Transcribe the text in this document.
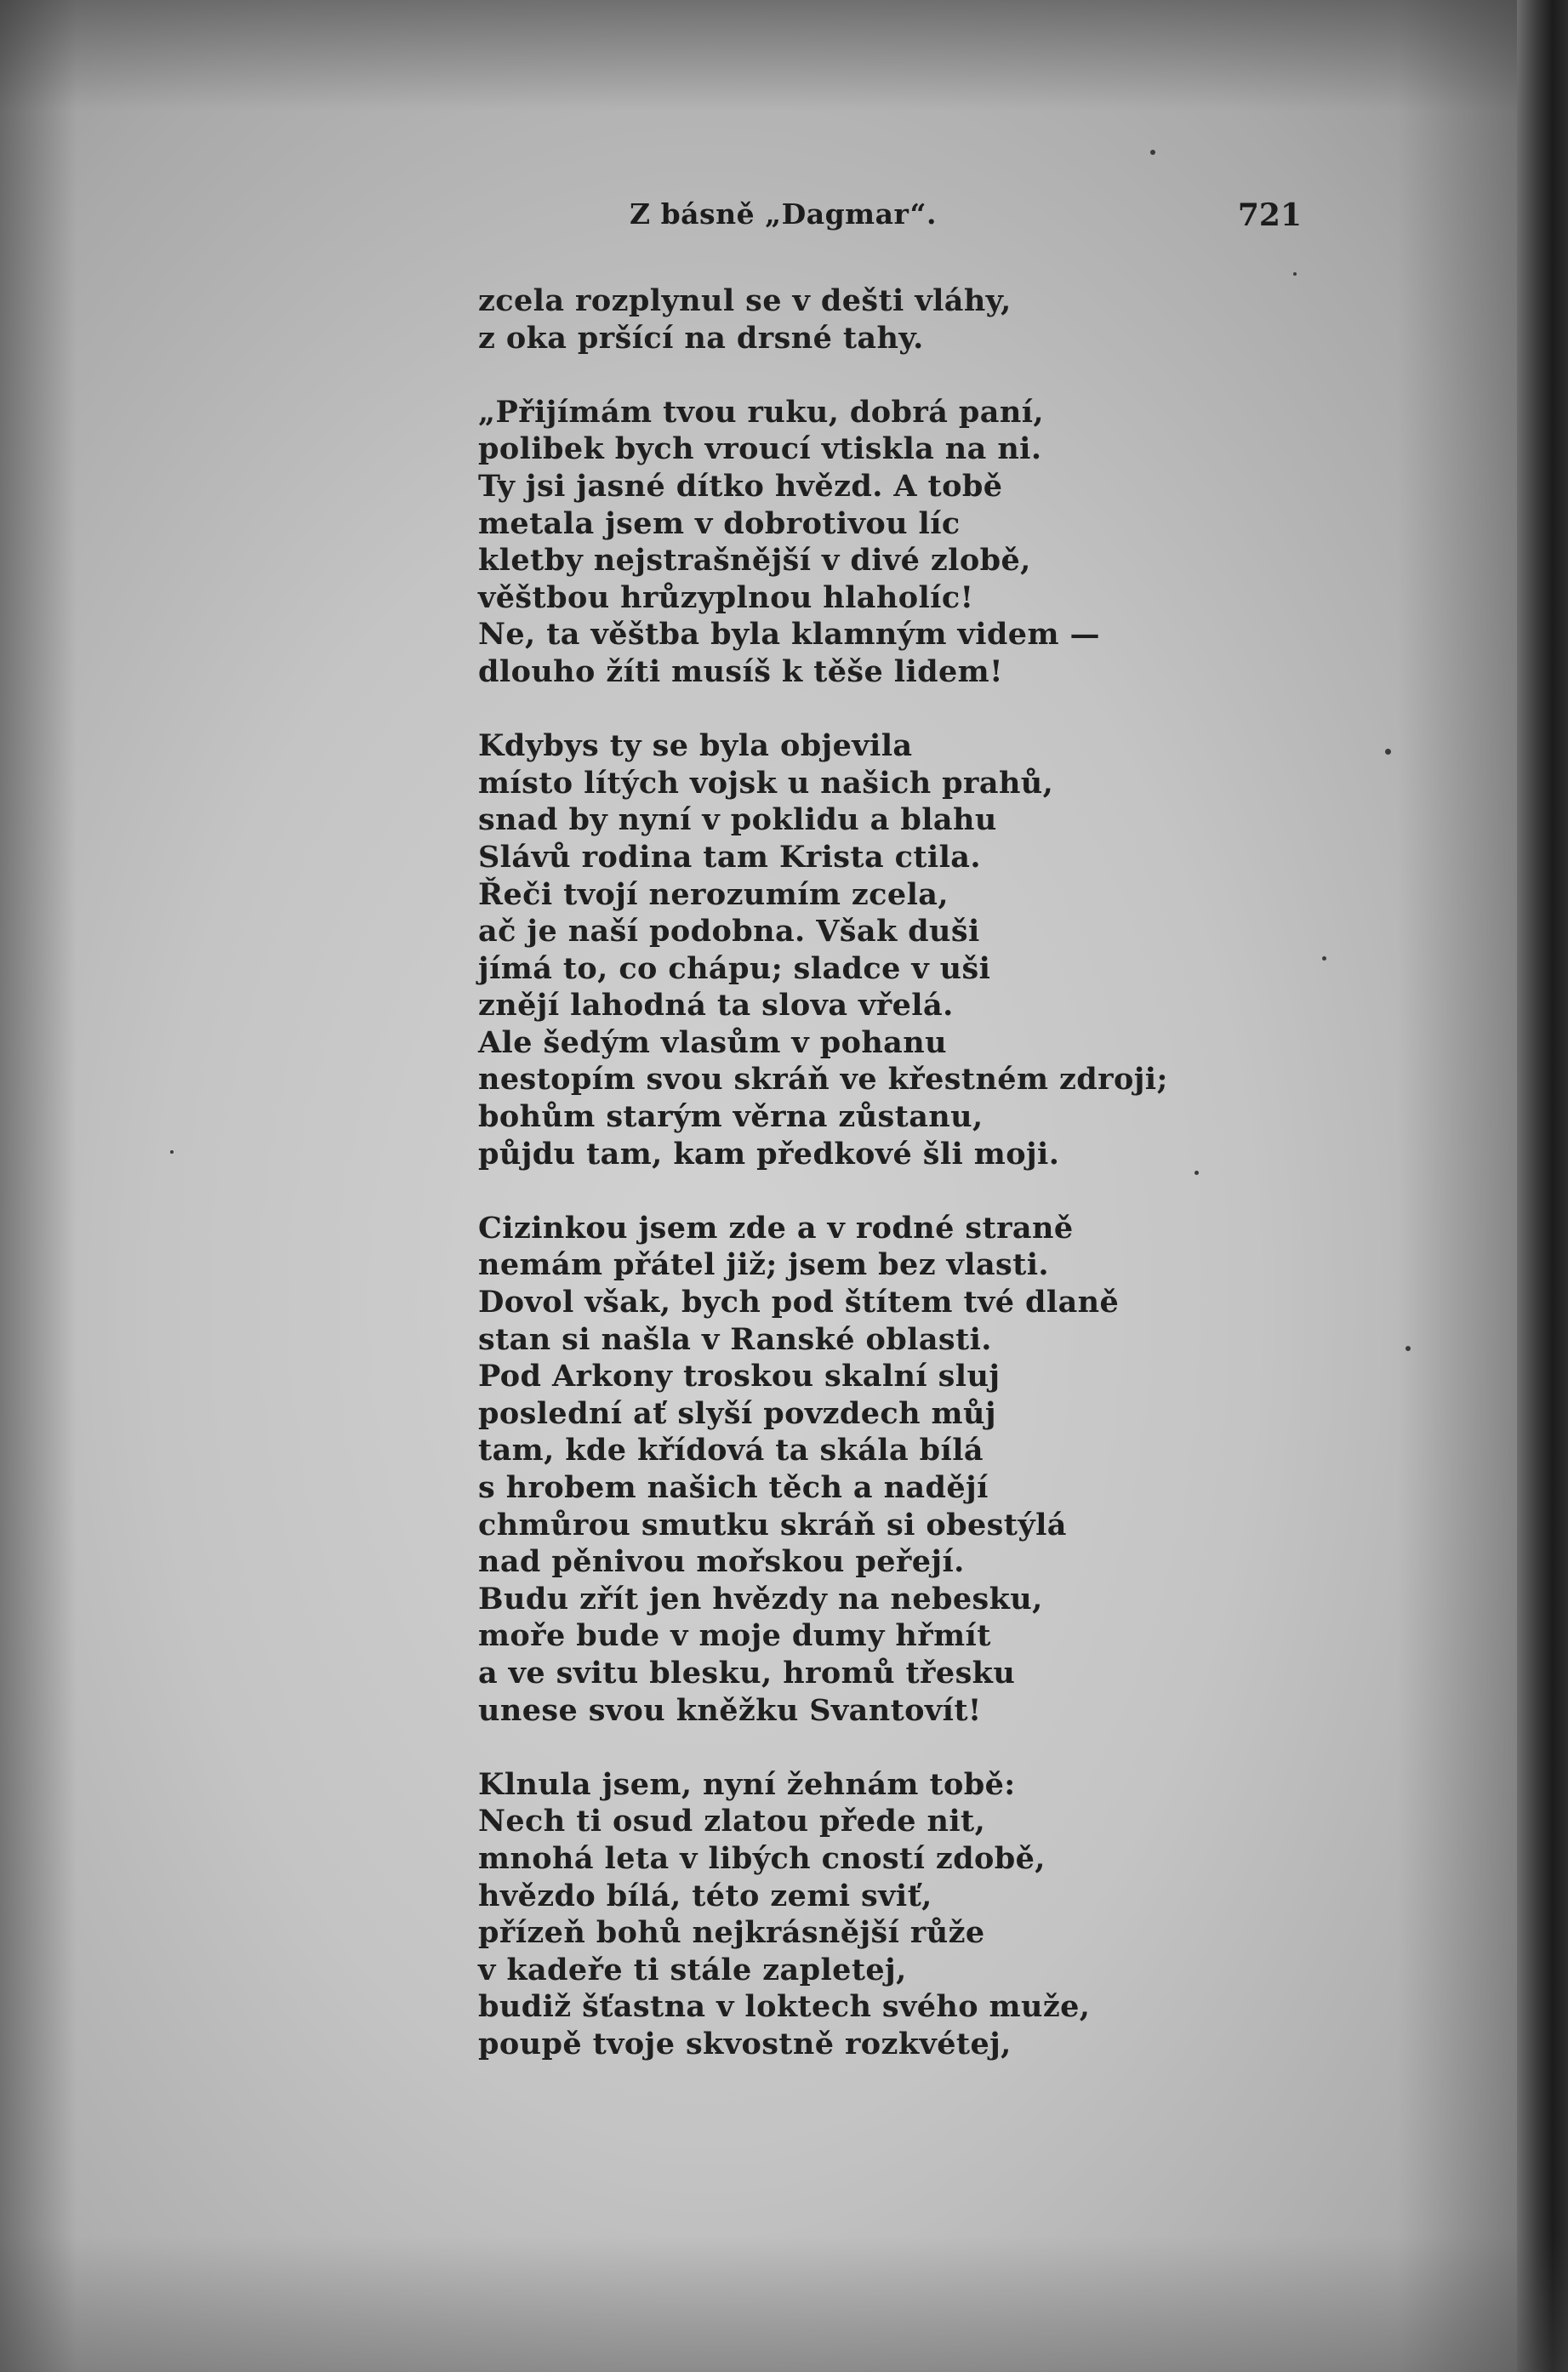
Z básně „Dagmar“.	721
zcela rozplynul se v dešti vláhy,
z oka pršící na drsné tahy.
„Přijímám tvou ruku, dobrá paní,
polibek bych vroucí vtiskla na ni.
Ty jsi jasné dítko hvězd. A tobě
metala jsem v dobrotivou líc
kletby nejstrašnější v divé zlobě,
věštbou hrůzyplnou hlaholíc!
Ne, ta věštba byla klamným videm —
dlouho žíti musíš k těše lidem!
Kdybys ty se byla objevila
místo lítých vojsk u našich prahů,
snad by nyní v poklidu a blahu
Slávů rodina tam Krista ctila.
Řeči tvojí nerozumím zcela,
ač je naší podobna. Však duši
jímá to, co chápu; sladce v uši
znějí lahodná ta slova vřelá.
Ale šedým vlasům v pohanu
nestopím svou skráň ve křestném zdroji;
bohům starým věrna zůstanu,
půjdu tam, kam předkové šli moji.
Cizinkou jsem zde a v rodné straně
nemám přátel již; jsem bez vlasti.
Dovol však, bych pod štítem tvé dlaně
stan si našla v Ranské oblasti.
Pod Arkony troskou skalní sluj
poslední ať slyší povzdech můj
tam, kde křídová ta skála bílá
s hrobem našich těch a nadějí
chmůrou smutku skráň si obestýlá
nad pěnivou mořskou peřejí.
Budu zřít jen hvězdy na nebesku,
moře bude v moje dumy hřmít
a ve svitu blesku, hromů třesku
unese svou kněžku Svantovít!
Klnula jsem, nyní žehnám tobě:
Nech ti osud zlatou přede nit,
mnohá leta v libých cností zdobě,
hvězdo bílá, této zemi sviť,
přízeň bohů nejkrásnější růže
v kadeře ti stále zapletej,
budiž šťastna v loktech svého muže,
poupě tvoje skvostně rozkvétej,
